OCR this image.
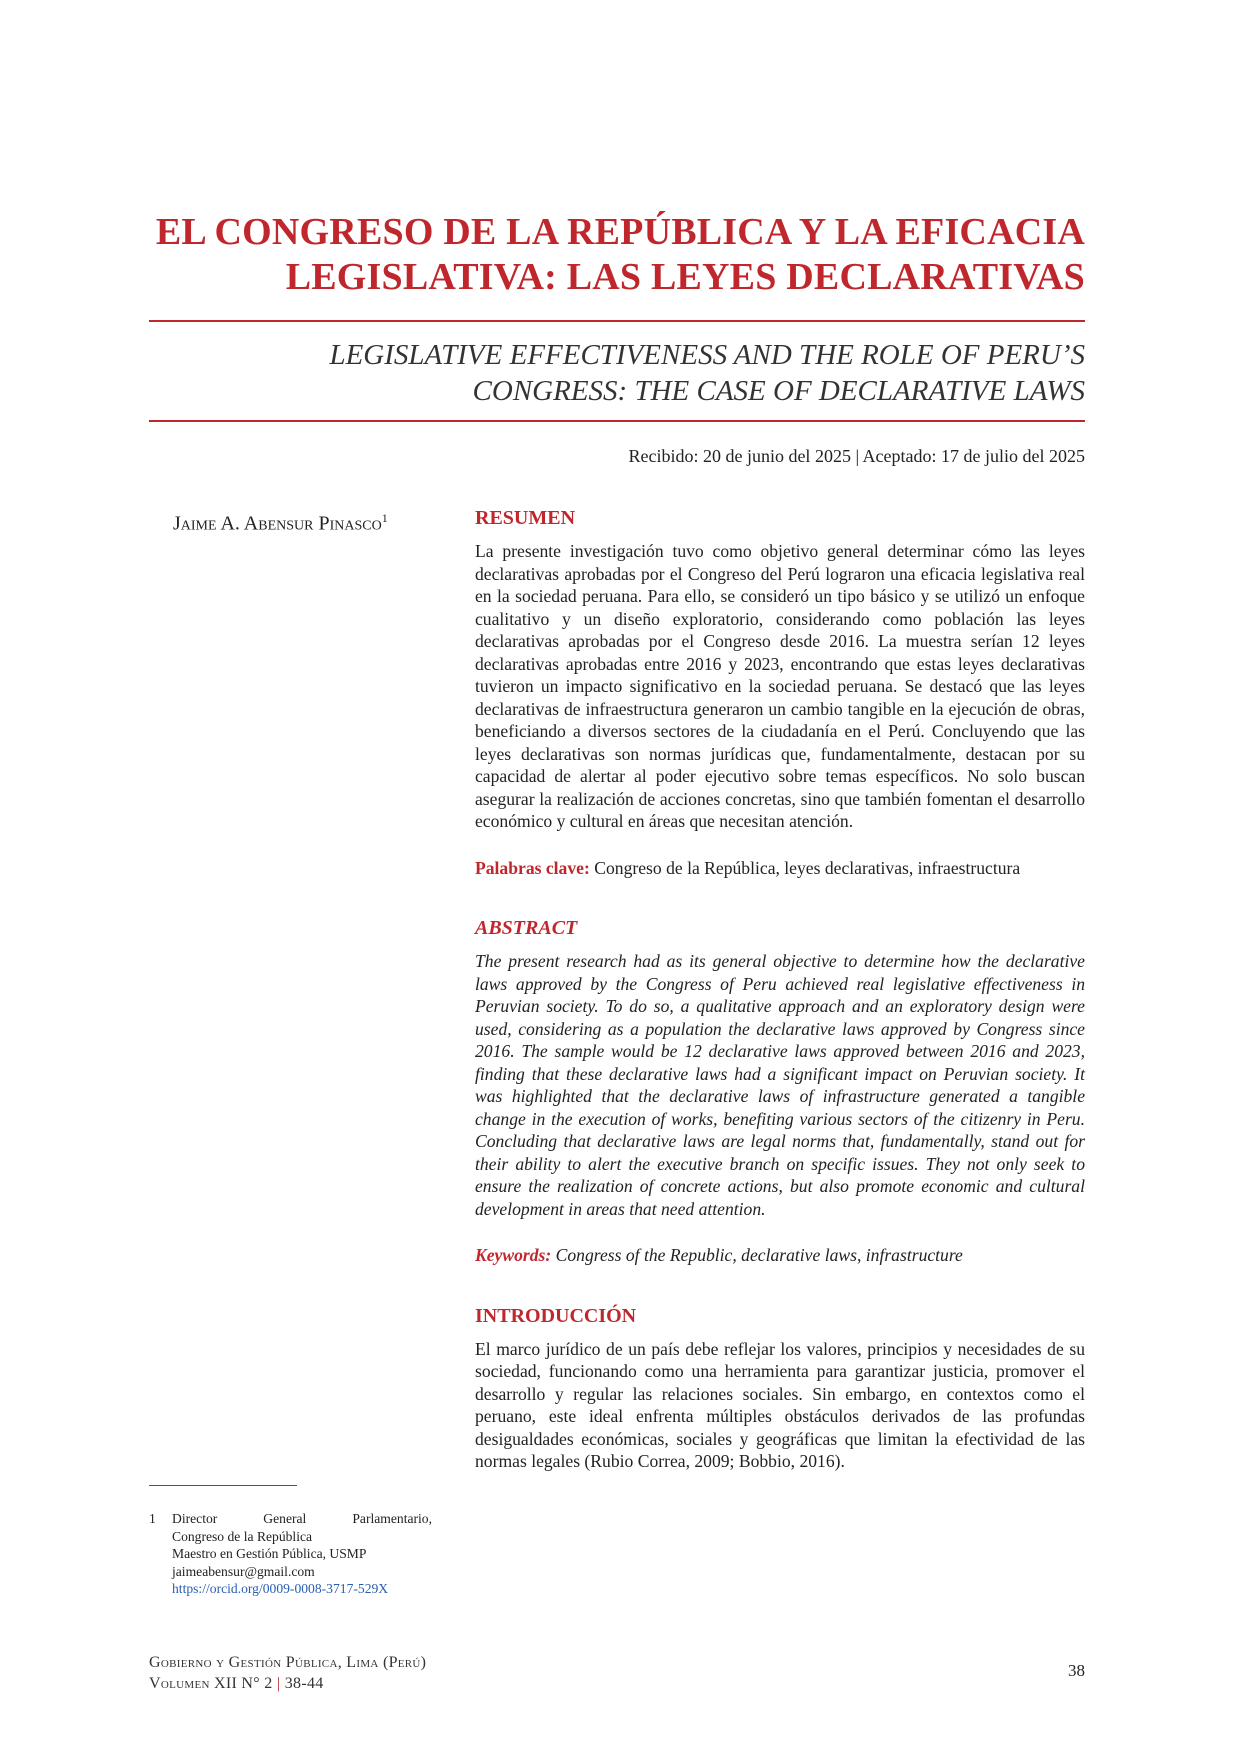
EL CONGRESO DE LA REPÚBLICA Y LA EFICACIA
LEGISLATIVA: LAS LEYES DECLARATIVAS
LEGISLATIVE EFFECTIVENESS AND THE ROLE OF PERU’S
CONGRESS: THE CASE OF DECLARATIVE LAWS
Recibido: 20 de junio del 2025 | Aceptado: 17 de julio del 2025
Jaime A. Abensur Pinasco$^1$	RESUMEN

La presente investigación tuvo como objetivo general determinar cómo las leyes declarativas aprobadas por el Congreso del Perú lograron una eficacia legislativa real en la sociedad peruana. Para ello, se consideró un tipo básico y se utilizó un enfoque cualitativo y un diseño exploratorio, considerando como población las leyes declarativas aprobadas por el Congreso desde 2016. La muestra serían 12 leyes declarativas aprobadas entre 2016 y 2023, encontrando que estas leyes declarativas tuvieron un impacto significativo en la sociedad peruana. Se destacó que las leyes declarativas de infraestructura generaron un cambio tangible en la ejecución de obras, beneficiando a diversos sectores de la ciudadanía en el Perú. Concluyendo que las leyes declarativas son normas jurídicas que, fundamentalmente, destacan por su capacidad de alertar al poder ejecutivo sobre temas específicos. No solo buscan asegurar la realización de acciones concretas, sino que también fomentan el desarrollo económico y cultural en áreas que necesitan atención.

Palabras clave: Congreso de la República, leyes declarativas, infraestructura

ABSTRACT

The present research had as its general objective to determine how the declarative laws approved by the Congress of Peru achieved real legislative effectiveness in Peruvian society. To do so, a qualitative approach and an exploratory design were used, considering as a population the declarative laws approved by Congress since 2016. The sample would be 12 declarative laws approved between 2016 and 2023, finding that these declarative laws had a significant impact on Peruvian society. It was highlighted that the declarative laws of infrastructure generated a tangible change in the execution of works, benefiting various sectors of the citizenry in Peru. Concluding that declarative laws are legal norms that, fundamentally, stand out for their ability to alert the executive branch on specific issues. They not only seek to ensure the realization of concrete actions, but also promote economic and cultural development in areas that need attention.

Keywords: Congress of the Republic, declarative laws, infrastructure

INTRODUCCIÓN

El marco jurídico de un país debe reflejar los valores, principios y necesidades de su sociedad, funcionando como una herramienta para garantizar justicia, promover el desarrollo y regular las relaciones sociales. Sin embargo, en contextos como el peruano, este ideal enfrenta múltiples obstáculos derivados de las profundas desigualdades económicas, sociales y geográficas que limitan la efectividad de las normas legales (Rubio Correa, 2009; Bobbio, 2016).

1 Director General Parlamentario,
Congreso de la República
Maestro en Gestión Pública, USMP
jaimeabensur@gmail.com
https://orcid.org/0009-0008-3717-529X
Gobierno y Gestión Pública, Lima (Perú)
Volumen XII N° 2 | 38-44
38
